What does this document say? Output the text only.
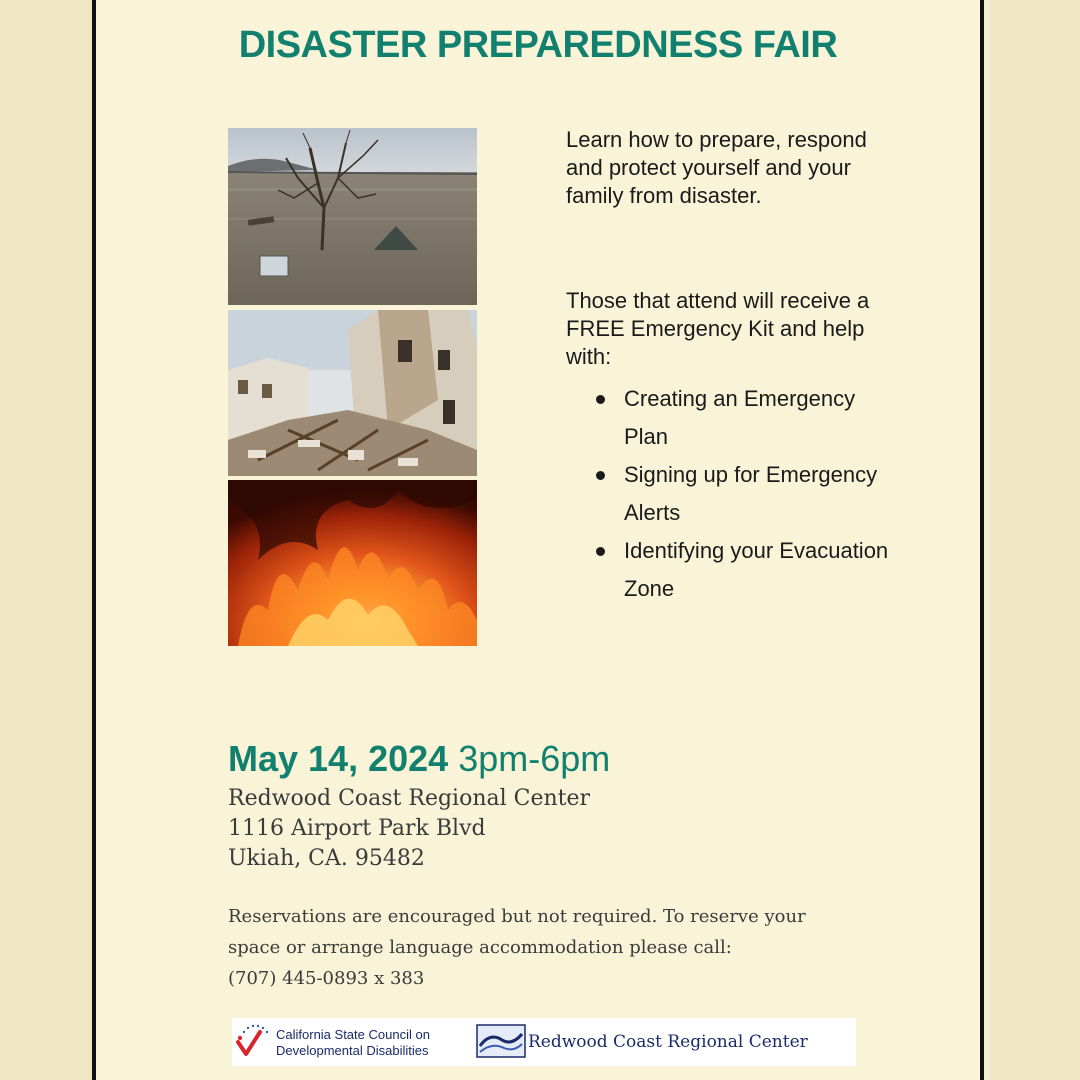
DISASTER PREPAREDNESS FAIR

Learn how to prepare, respond and protect yourself and your family from disaster.

Those that attend will receive a FREE Emergency Kit and help with:

Creating an Emergency Plan
Signing up for Emergency Alerts
Identifying your Evacuation Zone

May 14, 2024 3pm-6pm

Redwood Coast Regional Center
1116 Airport Park Blvd
Ukiah, CA. 95482
Reservations are encouraged but not required. To reserve your
space or arrange language accommodation please call:
(707) 445-0893 x 383
California State Council on
Developmental Disabilities	Redwood Coast Regional Center
